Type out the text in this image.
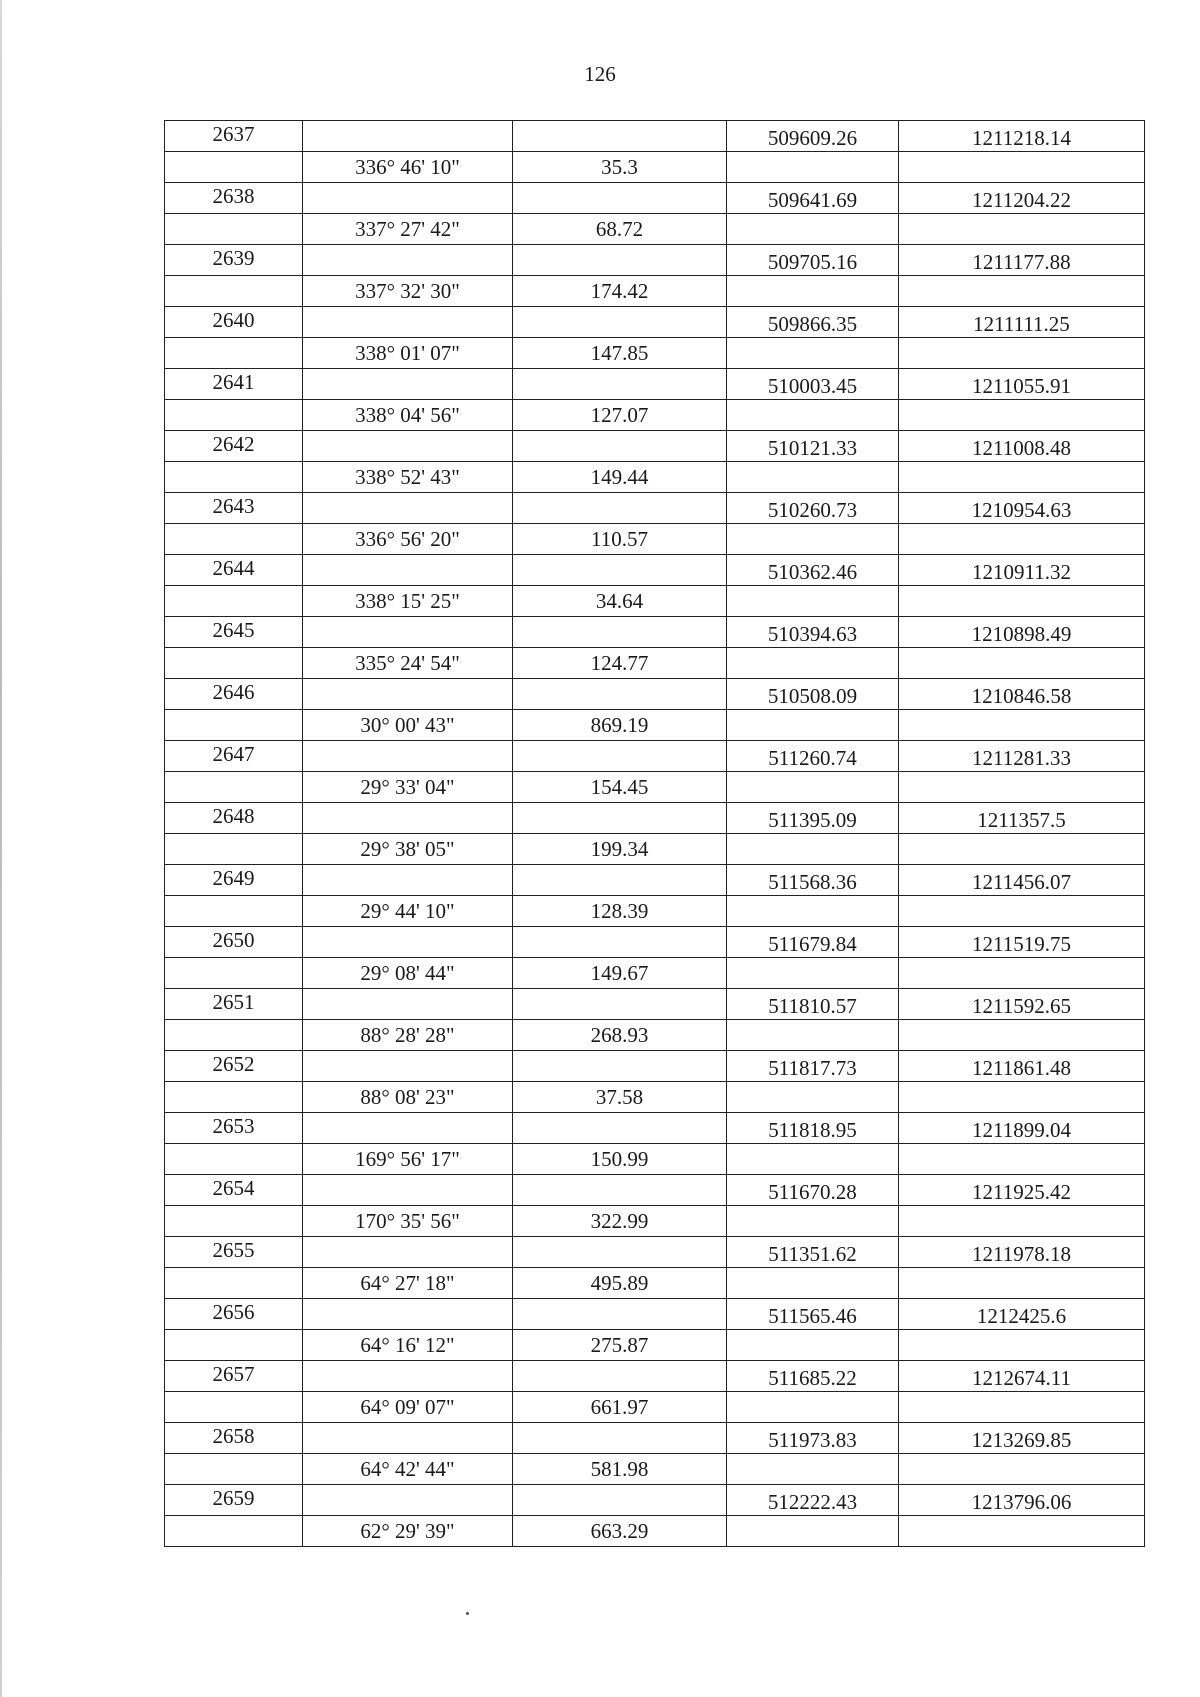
126
2637			509609.26	1211218.14
	336° 46' 10"	35.3		
2638			509641.69	1211204.22
	337° 27' 42"	68.72		
2639			509705.16	1211177.88
	337° 32' 30"	174.42		
2640			509866.35	1211111.25
	338° 01' 07"	147.85		
2641			510003.45	1211055.91
	338° 04' 56"	127.07		
2642			510121.33	1211008.48
	338° 52' 43"	149.44		
2643			510260.73	1210954.63
	336° 56' 20"	110.57		
2644			510362.46	1210911.32
	338° 15' 25"	34.64		
2645			510394.63	1210898.49
	335° 24' 54"	124.77		
2646			510508.09	1210846.58
	30° 00' 43"	869.19		
2647			511260.74	1211281.33
	29° 33' 04"	154.45		
2648			511395.09	1211357.5
	29° 38' 05"	199.34		
2649			511568.36	1211456.07
	29° 44' 10"	128.39		
2650			511679.84	1211519.75
	29° 08' 44"	149.67		
2651			511810.57	1211592.65
	88° 28' 28"	268.93		
2652			511817.73	1211861.48
	88° 08' 23"	37.58		
2653			511818.95	1211899.04
	169° 56' 17"	150.99		
2654			511670.28	1211925.42
	170° 35' 56"	322.99		
2655			511351.62	1211978.18
	64° 27' 18"	495.89		
2656			511565.46	1212425.6
	64° 16' 12"	275.87		
2657			511685.22	1212674.11
	64° 09' 07"	661.97		
2658			511973.83	1213269.85
	64° 42' 44"	581.98		
2659			512222.43	1213796.06
	62° 29' 39"	663.29		
